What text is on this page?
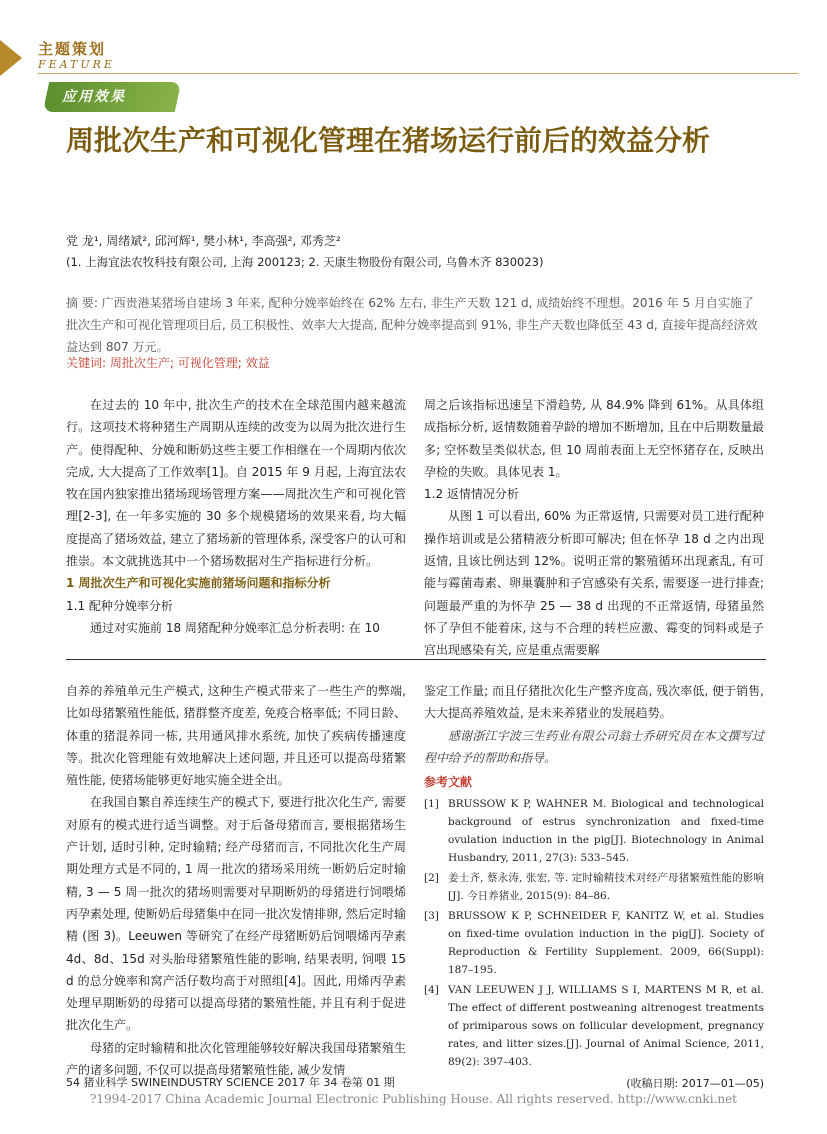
主题策划
FEATURE
应用效果
周批次生产和可视化管理在猪场运行前后的效益分析
党 龙¹, 周绪斌², 邱河辉¹, 樊小林¹, 李高强², 邓秀芝²
(1. 上海宜法农牧科技有限公司, 上海 200123; 2. 天康生物股份有限公司, 乌鲁木齐 830023)
摘 要: 广西贵港某猪场自建场 3 年来, 配种分娩率始终在 62% 左右, 非生产天数 121 d, 成绩始终不理想。2016 年 5 月自实施了批次生产和可视化管理项目后, 员工积极性、效率大大提高, 配种分娩率提高到 91%, 非生产天数也降低至 43 d, 直接年提高经济效益达到 807 万元。
关键词: 周批次生产; 可视化管理; 效益

在过去的 10 年中, 批次生产的技术在全球范围内越来越流行。这项技术将种猪生产周期从连续的改变为以周为批次进行生产。使得配种、分娩和断奶这些主要工作相继在一个周期内依次完成, 大大提高了工作效率[1]。自 2015 年 9 月起, 上海宜法农牧在国内独家推出猪场现场管理方案——周批次生产和可视化管理[2-3], 在一年多实施的 30 多个规模猪场的效果来看, 均大幅度提高了猪场效益, 建立了猪场新的管理体系, 深受客户的认可和推崇。本文就挑选其中一个猪场数据对生产指标进行分析。

1 周批次生产和可视化实施前猪场问题和指标分析

1.1 配种分娩率分析

通过对实施前 18 周猪配种分娩率汇总分析表明: 在 10

周之后该指标迅速呈下滑趋势, 从 84.9% 降到 61%。从具体组成指标分析, 返情数随着孕龄的增加不断增加, 且在中后期数量最多; 空怀数呈类似状态, 但 10 周前表面上无空怀猪存在, 反映出孕检的失败。具体见表 1。

1.2 返情情况分析

从图 1 可以看出, 60% 为正常返情, 只需要对员工进行配种操作培训或是公猪精液分析即可解决; 但在怀孕 18 d 之内出现返情, 且该比例达到 12%。说明正常的繁殖循环出现紊乱, 有可能与霉菌毒素、卵巢囊肿和子宫感染有关系, 需要逐一进行排查; 问题最严重的为怀孕 25 — 38 d 出现的不正常返情, 母猪虽然怀了孕但不能着床, 这与不合理的转栏应激、霉变的饲料或是子宫出现感染有关, 应是重点需要解

自养的养殖单元生产模式, 这种生产模式带来了一些生产的弊端, 比如母猪繁殖性能低, 猪群整齐度差, 免疫合格率低; 不同日龄、体重的猪混养同一栋, 共用通风排水系统, 加快了疾病传播速度等。批次化管理能有效地解决上述问题, 并且还可以提高母猪繁殖性能, 使猪场能够更好地实施全进全出。

在我国自繁自养连续生产的模式下, 要进行批次化生产, 需要对原有的模式进行适当调整。对于后备母猪而言, 要根据猪场生产计划, 适时引种, 定时输精; 经产母猪而言, 不同批次化生产周期处理方式是不同的, 1 周一批次的猪场采用统一断奶后定时输精, 3 — 5 周一批次的猪场则需要对早期断奶的母猪进行饲喂烯丙孕素处理, 使断奶后母猪集中在同一批次发情排卵, 然后定时输精 (图 3)。Leeuwen 等研究了在经产母猪断奶后饲喂烯丙孕素 4d、8d、15d 对头胎母猪繁殖性能的影响, 结果表明, 饲喂 15 d 的总分娩率和窝产活仔数均高于对照组[4]。因此, 用烯丙孕素处理早期断奶的母猪可以提高母猪的繁殖性能, 并且有利于促进批次化生产。

母猪的定时输精和批次化管理能够较好解决我国母猪繁殖生产的诸多问题, 不仅可以提高母猪繁殖性能, 减少发情

鉴定工作量; 而且仔猪批次化生产整齐度高, 残次率低, 便于销售, 大大提高养殖效益, 是未来养猪业的发展趋势。

感谢浙江宇波三生药业有限公司翁士乔研究员在本文撰写过程中给予的帮助和指导。

参考文献

[1] BRUSSOW K P, WAHNER M. Biological and technological background of estrus synchronization and fixed-time ovulation induction in the pig[J]. Biotechnology in Animal Husbandry, 2011, 27(3): 533–545.
[2] 姜士齐, 蔡永涛, 张宏, 等. 定时输精技术对经产母猪繁殖性能的影响[J]. 今日养猪业, 2015(9): 84–86.
[3] BRUSSOW K P, SCHNEIDER F, KANITZ W, et al. Studies on fixed-time ovulation induction in the pig[J]. Society of Reproduction & Fertility Supplement. 2009, 66(Suppl): 187–195.
[4] VAN LEEUWEN J J, WILLIAMS S I, MARTENS M R, et al. The effect of different postweaning altrenogest treatments of primiparous sows on follicular development, pregnancy rates, and litter sizes.[J]. Journal of Animal Science, 2011, 89(2): 397–403.
(收稿日期: 2017—01—05)
54 猪业科学 SWINEINDUSTRY SCIENCE 2017 年 34 卷第 01 期
?1994-2017 China Academic Journal Electronic Publishing House. All rights reserved. http://www.cnki.net
